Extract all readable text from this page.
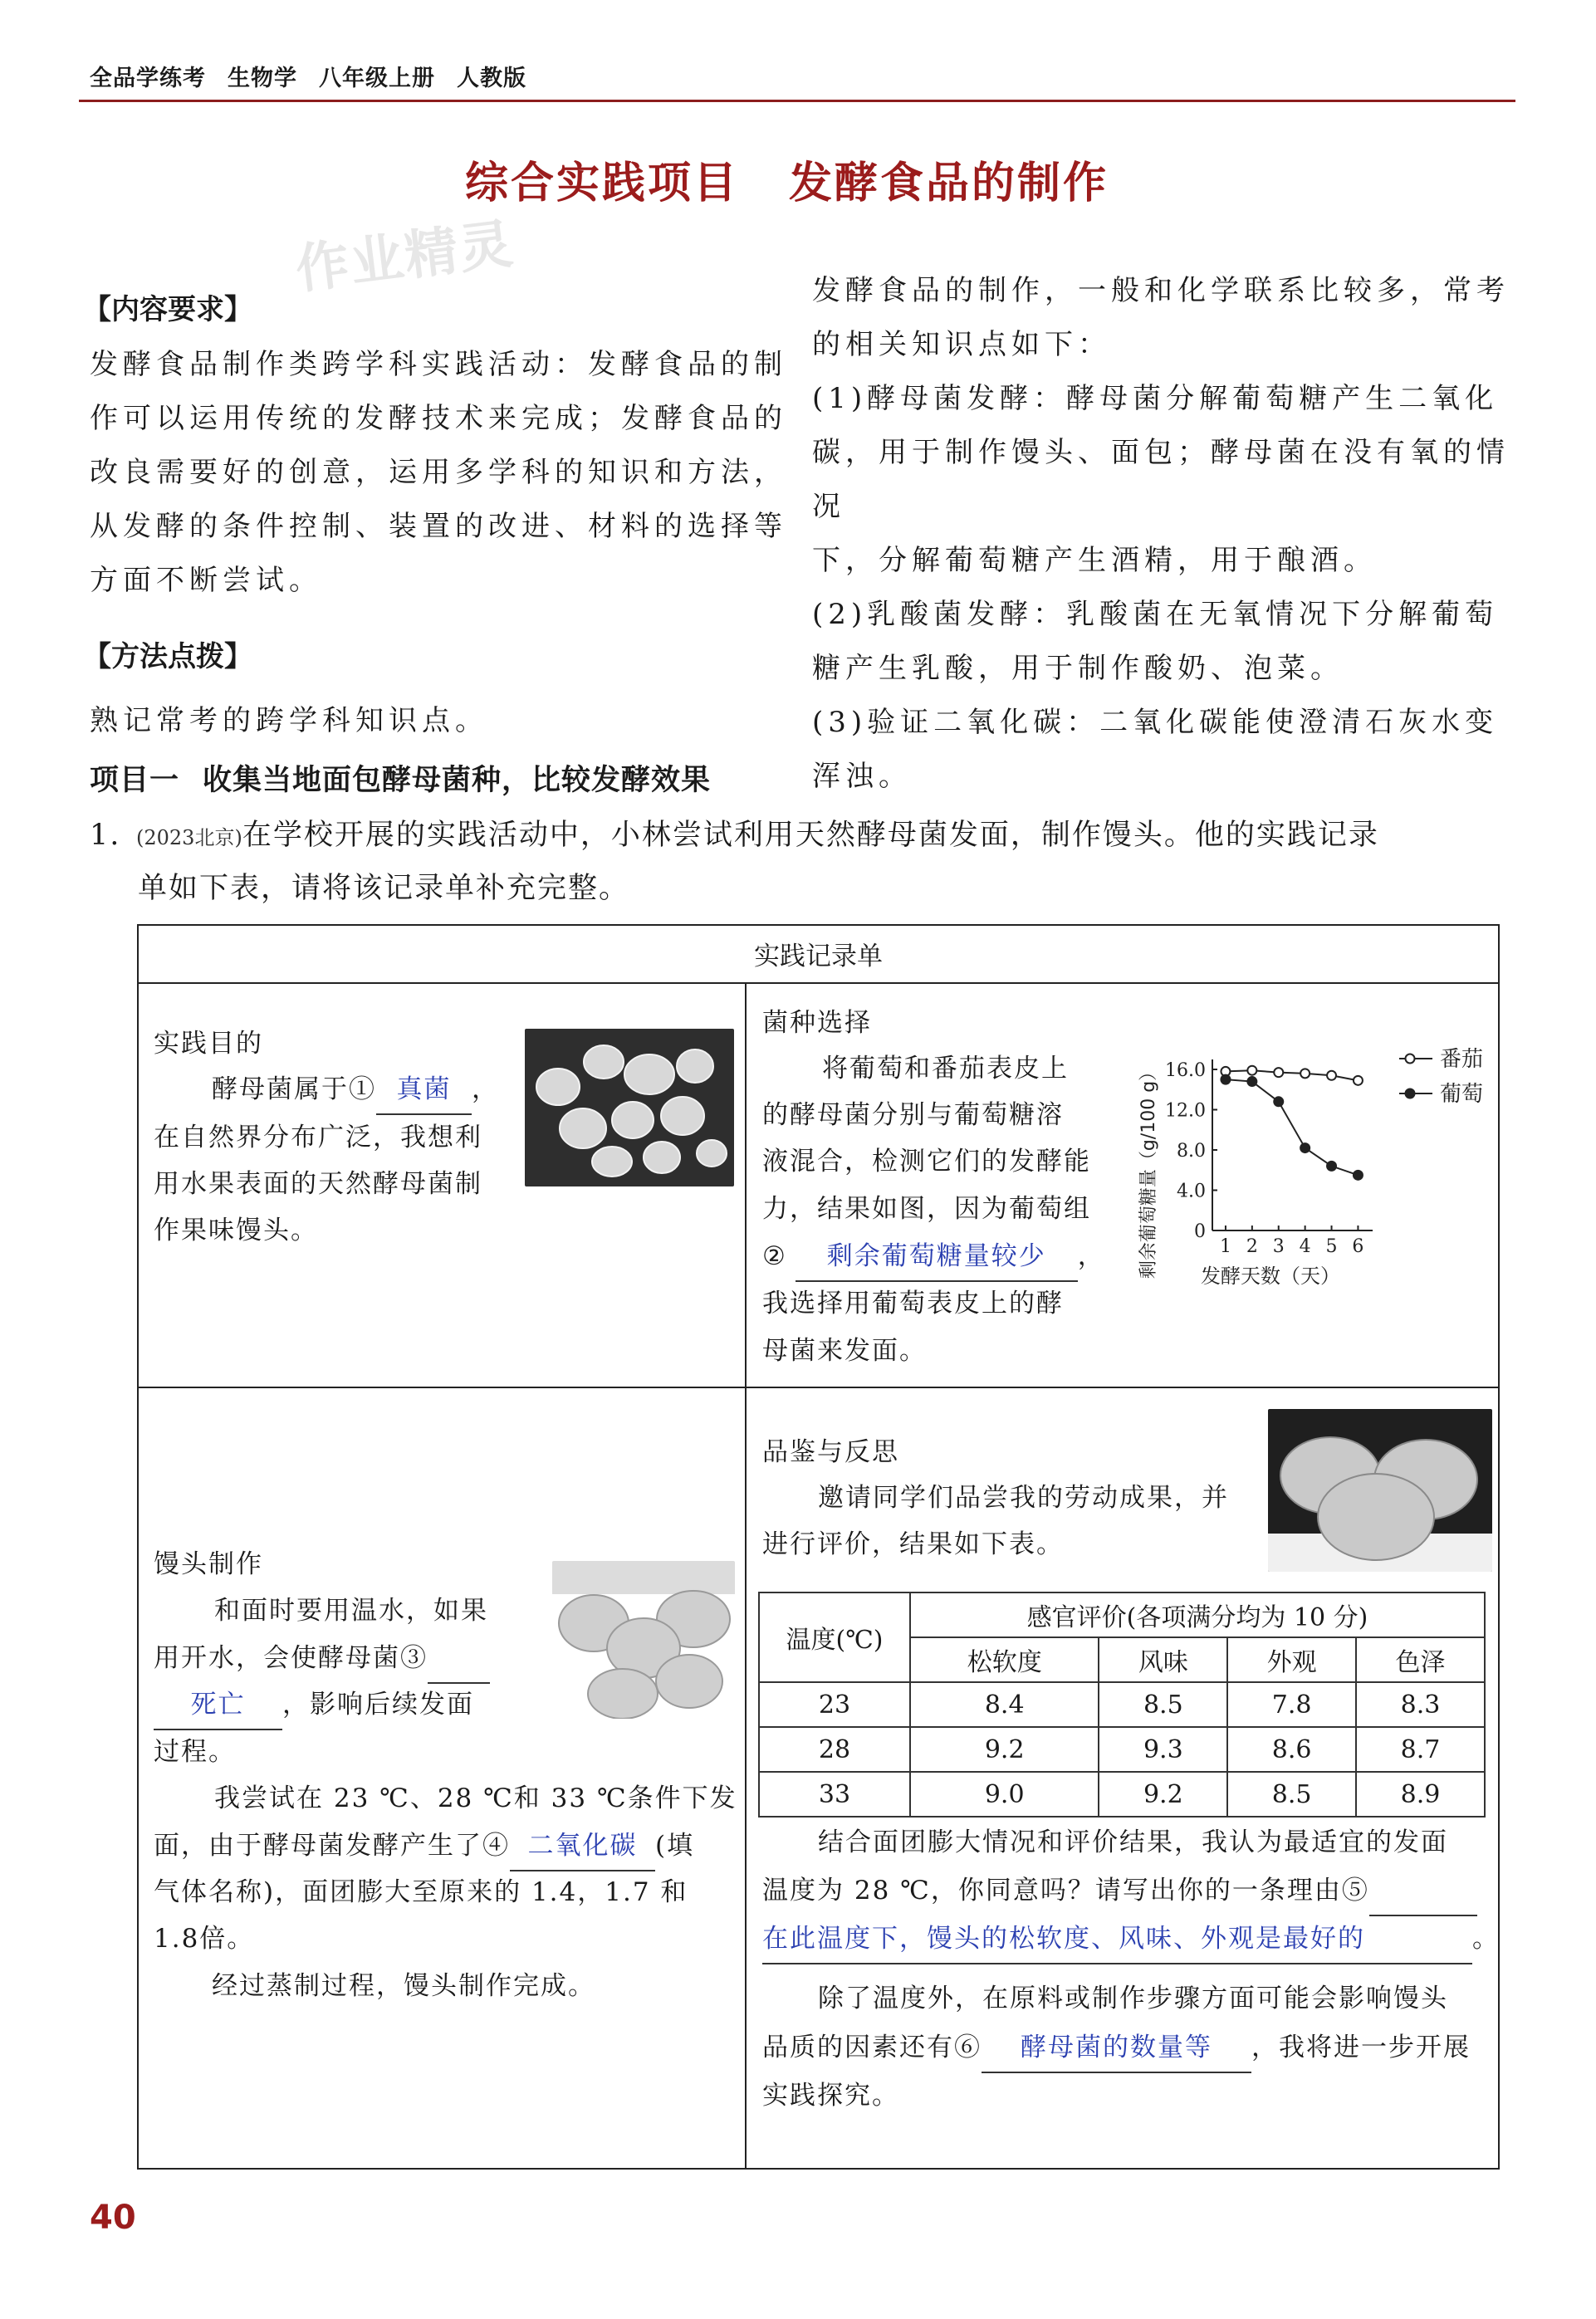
全品学练考 生物学 八年级上册 人教版
综合实践项目 发酵食品的制作
作业精灵
【内容要求】
发酵食品制作类跨学科实践活动：发酵食品的制
作可以运用传统的发酵技术来完成；发酵食品的
改良需要好的创意，运用多学科的知识和方法，
从发酵的条件控制、装置的改进、材料的选择等
方面不断尝试。
【方法点拨】
熟记常考的跨学科知识点。
发酵食品的制作，一般和化学联系比较多，常考
的相关知识点如下：
(1)酵母菌发酵：酵母菌分解葡萄糖产生二氧化
碳，用于制作馒头、面包；酵母菌在没有氧的情况
下，分解葡萄糖产生酒精，用于酿酒。
(2)乳酸菌发酵：乳酸菌在无氧情况下分解葡萄
糖产生乳酸，用于制作酸奶、泡菜。
(3)验证二氧化碳：二氧化碳能使澄清石灰水变
浑浊。
项目一 收集当地面包酵母菌种，比较发酵效果
1. (2023北京)在学校开展的实践活动中，小林尝试利用天然酵母菌发面，制作馒头。他的实践记录
单如下表，请将该记录单补充完整。
实践记录单
实践目的
酵母菌属于① 真菌 ，
在自然界分布广泛，我想利
用水果表面的天然酵母菌制
作果味馒头。
菌种选择
将葡萄和番茄表皮上
的酵母菌分别与葡萄糖溶
液混合，检测它们的发酵能
力，结果如图，因为葡萄组
② 剩余葡萄糖量较少 ，
我选择用葡萄表皮上的酵
母菌来发面。
剩余葡萄糖量（g/100 g） 发酵天数（天）
0
4.0
8.0
12.0
16.0
1 2 3 4 5 6
番茄
葡萄
馒头制作
和面时要用温水，如果
用开水，会使酵母菌③
死亡 ，影响后续发面
过程。
我尝试在 23 ℃、28 ℃和 33 ℃条件下发
面，由于酵母菌发酵产生了④ 二氧化碳 (填
气体名称)，面团膨大至原来的 1.4，1.7 和
1.8倍。
经过蒸制过程，馒头制作完成。
品鉴与反思
邀请同学们品尝我的劳动成果，并
进行评价，结果如下表。
温度(℃)	感官评价(各项满分均为 10 分)			
	松软度	风味	外观	色泽
23	8.4	8.5	7.8	8.3
28	9.2	9.3	8.6	8.7
33	9.0	9.2	8.5	8.9
结合面团膨大情况和评价结果，我认为最适宜的发面
温度为 28 ℃，你同意吗？请写出你的一条理由⑤
在此温度下，馒头的松软度、风味、外观是最好的	。
除了温度外，在原料或制作步骤方面可能会影响馒头
品质的因素还有⑥ 酵母菌的数量等 ，我将进一步开展
实践探究。
40
